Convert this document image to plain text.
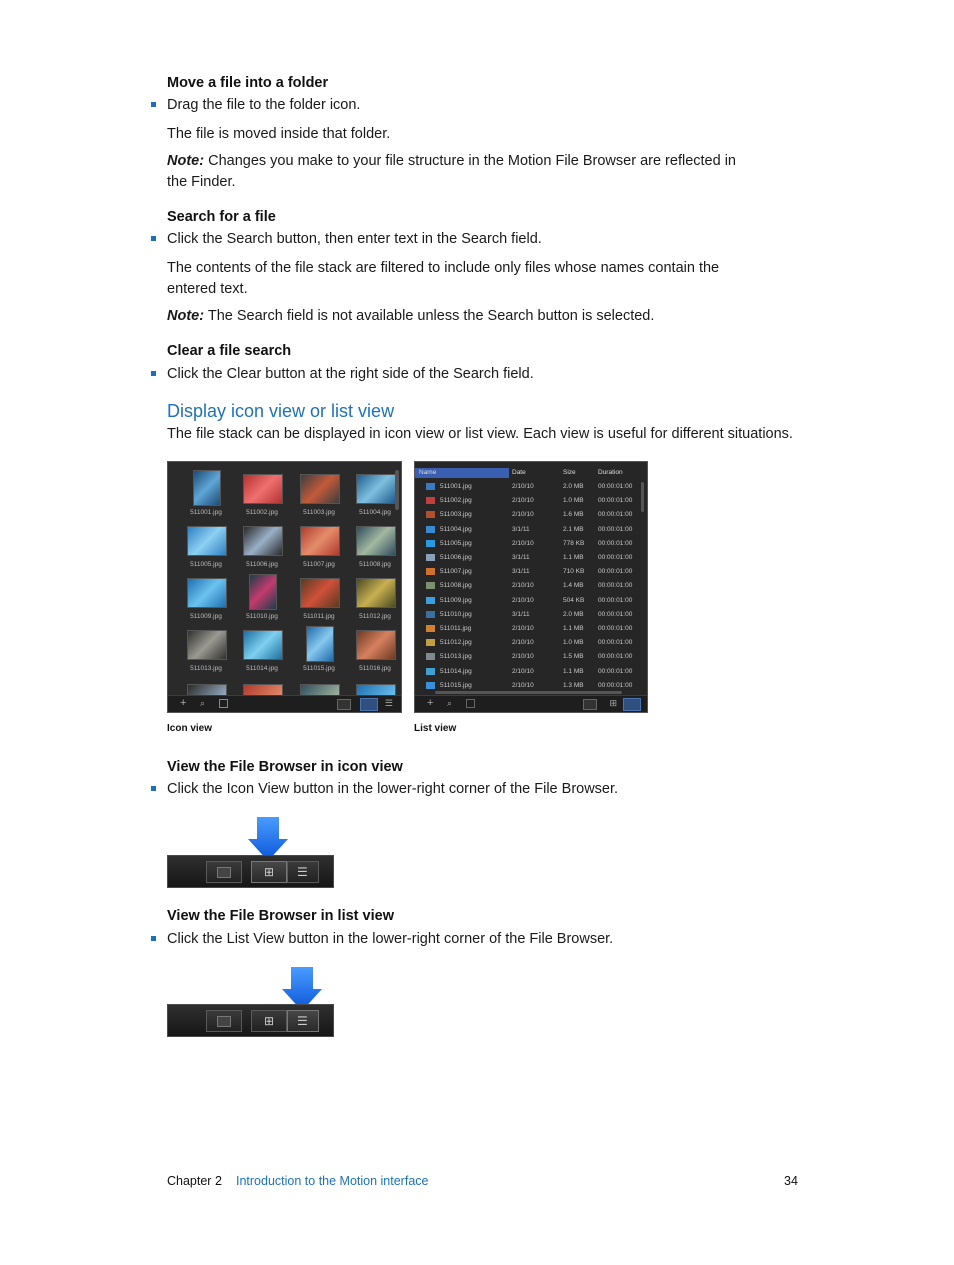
Move a file into a folder
Drag the file to the folder icon.
The file is moved inside that folder.
Note: Changes you make to your file structure in the Motion File Browser are reflected in
the Finder.
Search for a file
Click the Search button, then enter text in the Search field.
The contents of the file stack are filtered to include only files whose names contain the
entered text.
Note: The Search field is not available unless the Search button is selected.
Clear a file search
Click the Clear button at the right side of the Search field.
Display icon view or list view
The file stack can be displayed in icon view or list view. Each view is useful for different situations.
511001.jpg	511002.jpg	511003.jpg	511004.jpg
511005.jpg	511006.jpg	511007.jpg	511008.jpg
511009.jpg	511010.jpg	511011.jpg	511012.jpg
511013.jpg	511014.jpg	511015.jpg	511016.jpg
+ ⌕	☰
Name	Date	Size	Duration
511001.jpg	2/10/10	2.0 MB 00:00:01:00
511002.jpg	2/10/10	1.0 MB 00:00:01:00
511003.jpg	2/10/10	1.6 MB 00:00:01:00
511004.jpg	3/1/11	2.1 MB 00:00:01:00
511005.jpg	2/10/10	778 KB 00:00:01:00
511006.jpg	3/1/11	1.1 MB 00:00:01:00
511007.jpg	3/1/11	710 KB 00:00:01:00
511008.jpg	2/10/10	1.4 MB 00:00:01:00
511009.jpg	2/10/10	504 KB 00:00:01:00
511010.jpg	3/1/11	2.0 MB 00:00:01:00
511011.jpg	2/10/10	1.1 MB 00:00:01:00
511012.jpg	2/10/10	1.0 MB 00:00:01:00
511013.jpg	2/10/10	1.5 MB 00:00:01:00
511014.jpg	2/10/10	1.1 MB 00:00:01:00
511015.jpg	2/10/10	1.3 MB 00:00:01:00
+ ⌕	⊞
Icon view	List view
View the File Browser in icon view
Click the Icon View button in the lower-right corner of the File Browser.
⊞ ☰
View the File Browser in list view
Click the List View button in the lower-right corner of the File Browser.
⊞ ☰
Chapter 2 Introduction to the Motion interface	34
